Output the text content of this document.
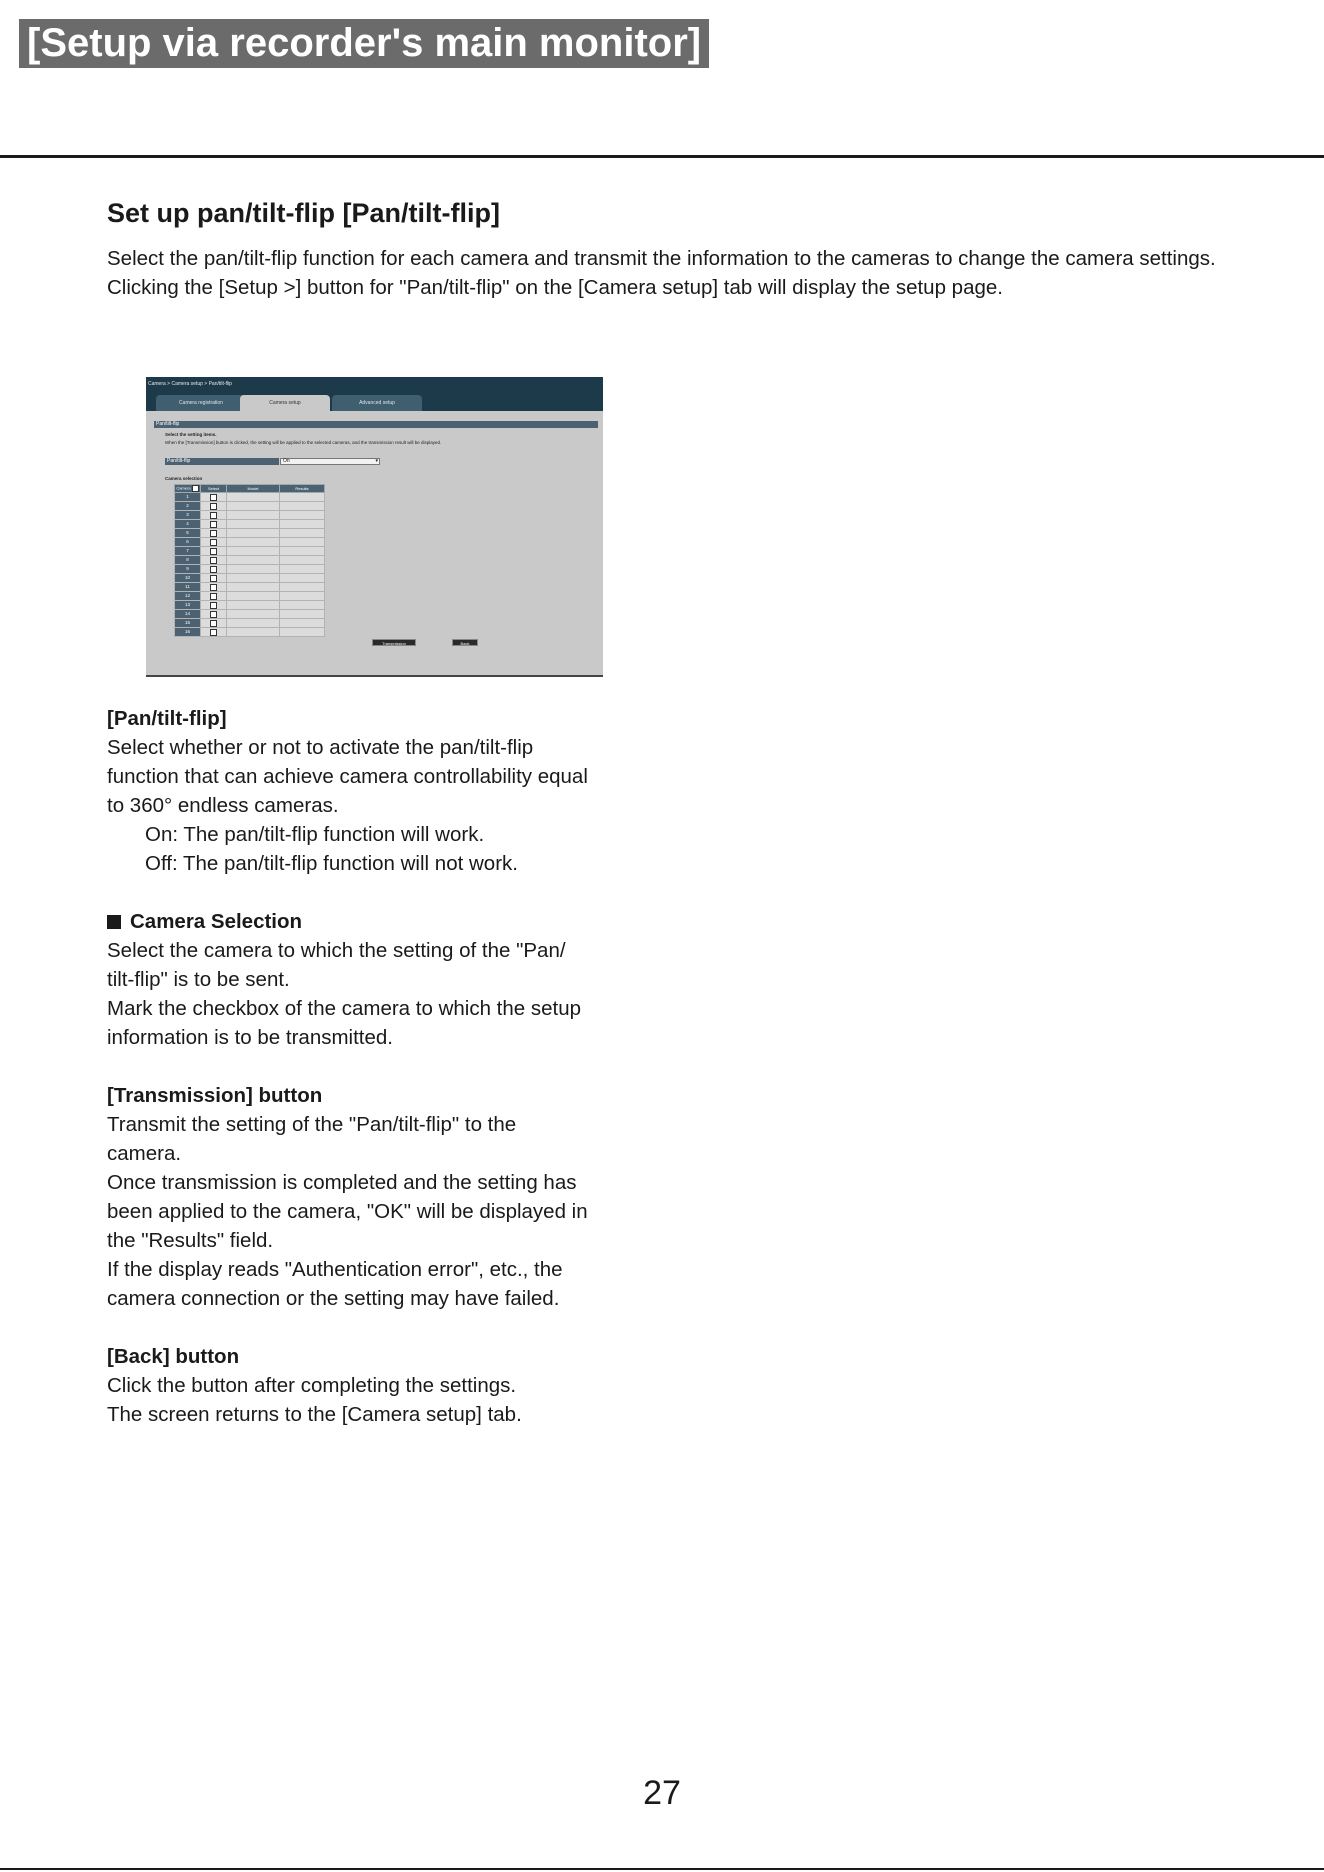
[Setup via recorder's main monitor]
Set up pan/tilt-flip [Pan/tilt-flip]

Select the pan/tilt-flip function for each camera and transmit the information to the cameras to change the camera settings.

Clicking the [Setup >] button for "Pan/tilt-flip" on the [Camera setup] tab will display the setup page.

Camera > Camera setup > Pan/tilt-flip
Camera registration	Camera setup	Advanced setup
Pan/tilt-flip
Select the setting items.
When the [Transmission] button is clicked, the setting will be applied to the selected cameras, and the transmission result will be displayed.
Pan/tilt-flip	On	▾
Camera selection
Camera	Select	Model	Results
1			
2			
3			
4			
5			
6			
7			
8			
9			
10			
11			
12			
13			
14			
15			
16			
Transmission	Back
[Pan/tilt-flip]
Select whether or not to activate the pan/tilt-flip
function that can achieve camera controllability equal
to 360° endless cameras.
On: The pan/tilt-flip function will work.
Off: The pan/tilt-flip function will not work.
Camera Selection
Select the camera to which the setting of the "Pan/
tilt-flip" is to be sent.
Mark the checkbox of the camera to which the setup
information is to be transmitted.
[Transmission] button
Transmit the setting of the "Pan/tilt-flip" to the
camera.
Once transmission is completed and the setting has
been applied to the camera, "OK" will be displayed in
the "Results" field.
If the display reads "Authentication error", etc., the
camera connection or the setting may have failed.
[Back] button
Click the button after completing the settings.
The screen returns to the [Camera setup] tab.
27
